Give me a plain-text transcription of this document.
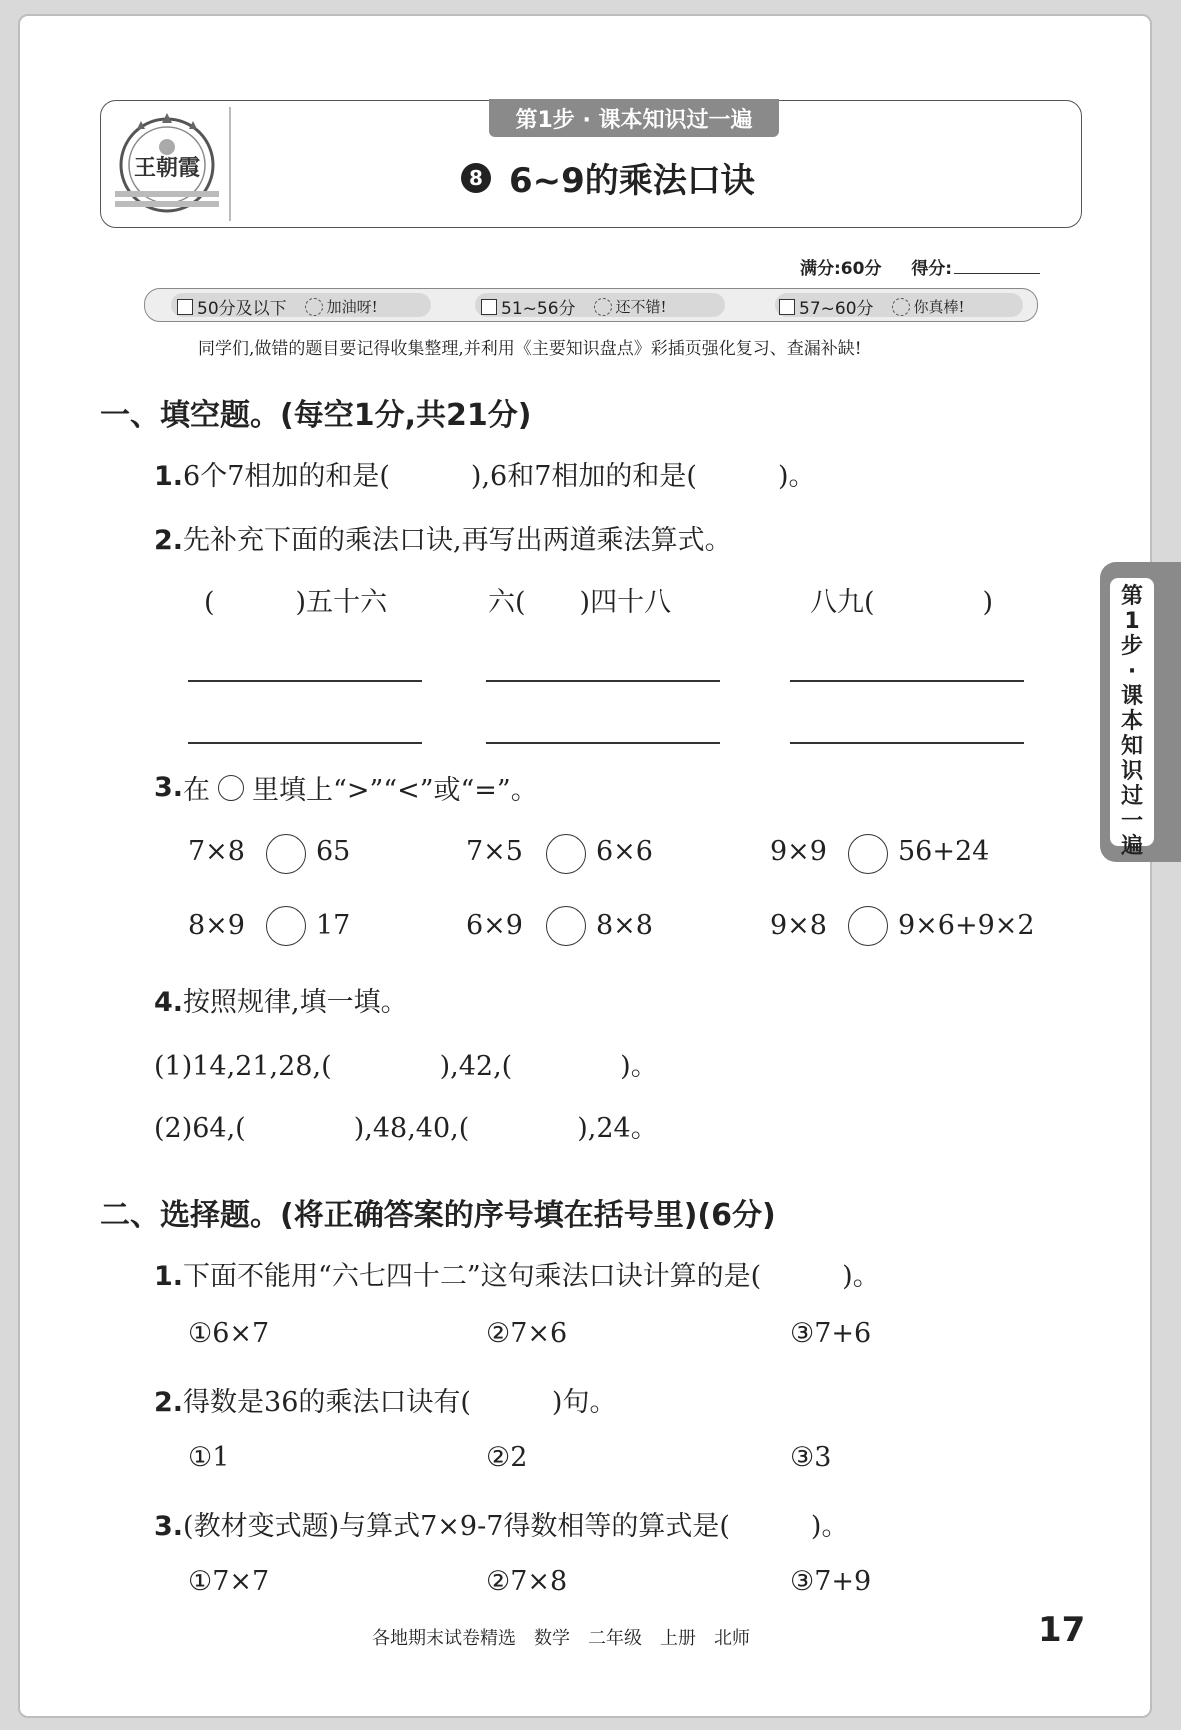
王朝霞
第1步 · 课本知识过一遍
8 6~9的乘法口诀
满分:60分 得分:
50分及以下	加油呀!	51~56分	还不错!	57~60分	你真棒!
同学们,做错的题目要记得收集整理,并利用《主要知识盘点》彩插页强化复习、查漏补缺!
一、填空题。(每空1分,共21分)
1.6个7相加的和是(　　　),6和7相加的和是(　　　)。
2.先补充下面的乘法口诀,再写出两道乘法算式。
(　　　)五十六	六(　　)四十八	八九(　　　　)
3. 在 里填上“>”“<”或“=”。
7×8	65	7×5	6×6	9×9	56+24
8×9	17	6×9	8×8	9×8	9×6+9×2
4.按照规律,填一填。
(1)14,21,28,(　　　　),42,(　　　　)。
(2)64,(　　　　),48,40,(　　　　),24。
二、选择题。(将正确答案的序号填在括号里)(6分)
1.下面不能用“六七四十二”这句乘法口诀计算的是(　　　)。
①6×7	②7×6	③7+6
2.得数是36的乘法口诀有(　　　)句。
①1	②2	③3
3.(教材变式题)与算式7×9-7得数相等的算式是(　　　)。
①7×7	②7×8	③7+9
第
1
步
·
课
本
知
识
过
一
遍
各地期末试卷精选　数学　二年级　上册　北师	17
